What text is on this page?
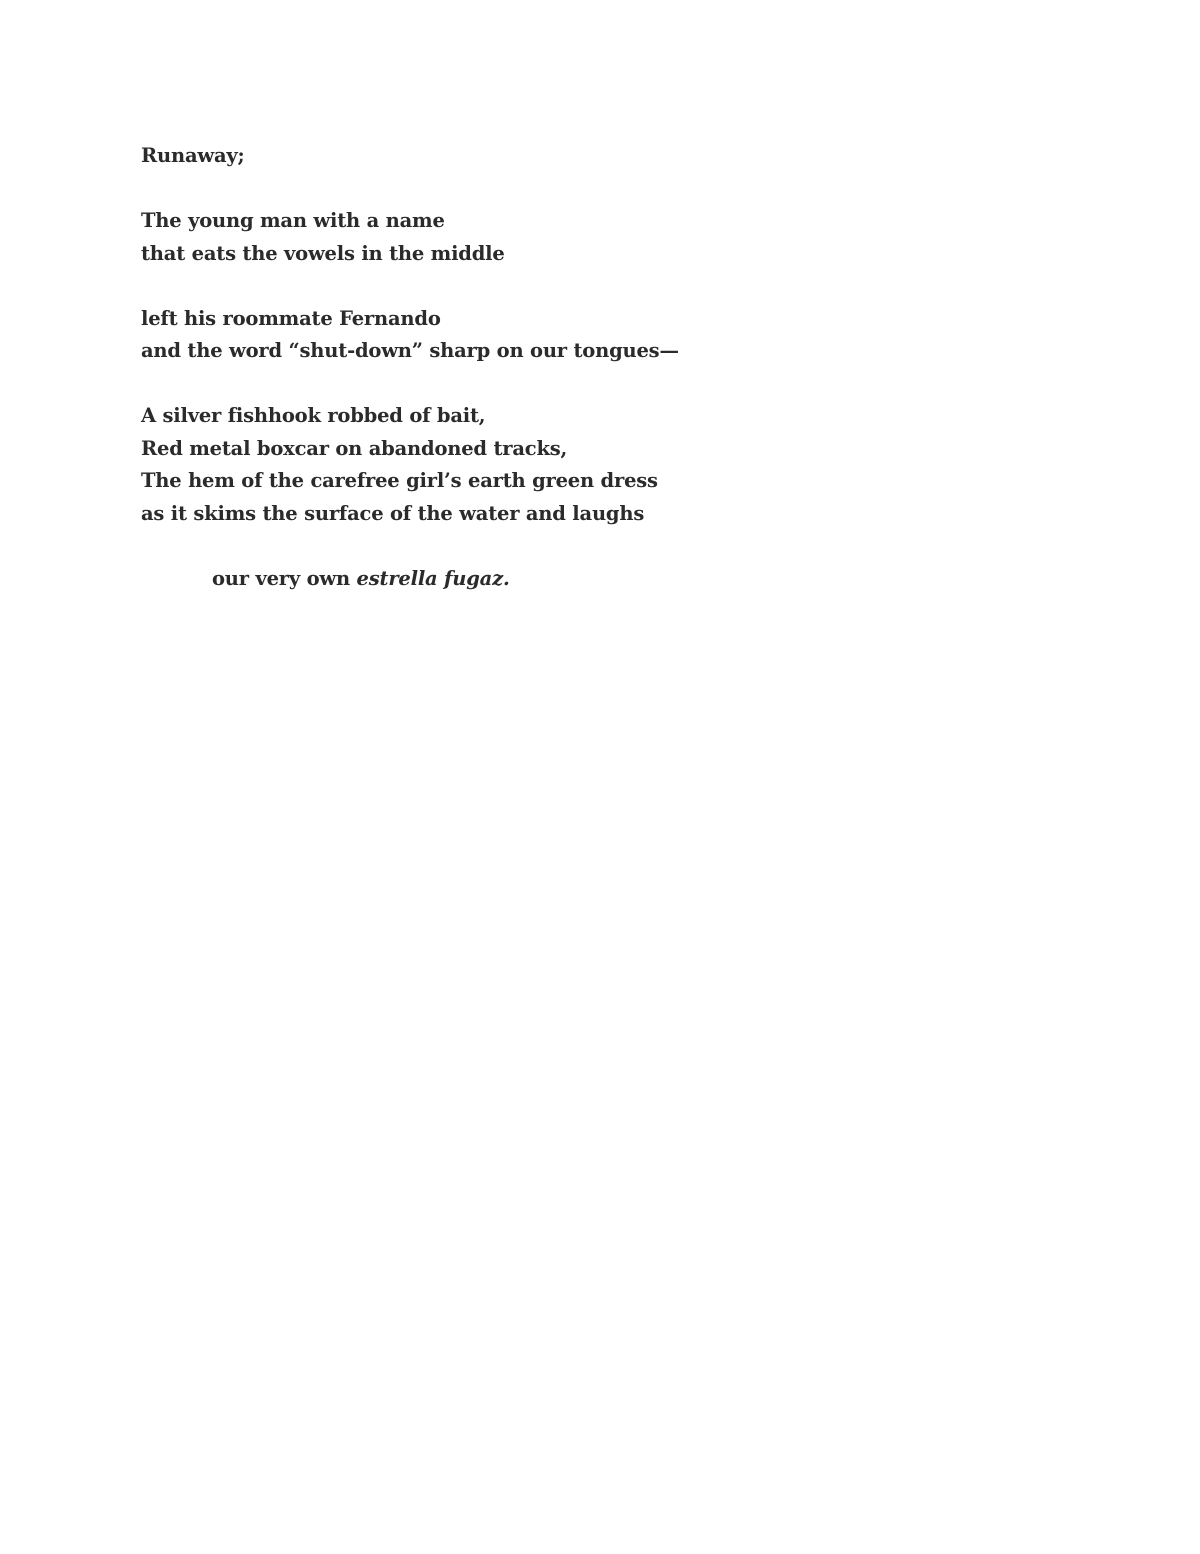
Runaway;
The young man with a name
that eats the vowels in the middle
left his roommate Fernando
and the word “shut-down” sharp on our tongues—
A silver fishhook robbed of bait,
Red metal boxcar on abandoned tracks,
The hem of the carefree girl’s earth green dress
as it skims the surface of the water and laughs
our very own estrella fugaz.
